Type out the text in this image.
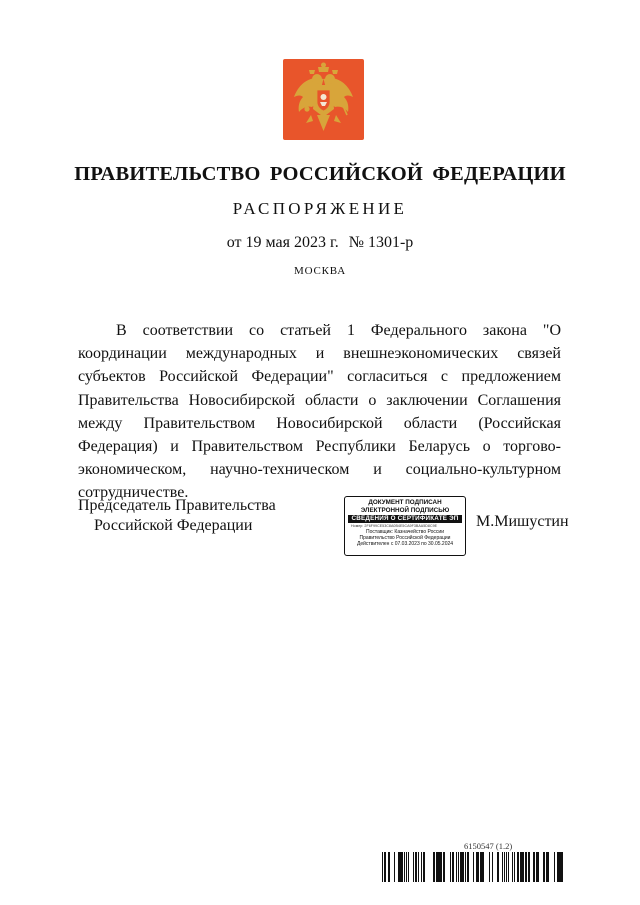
ПРАВИТЕЛЬСТВО РОССИЙСКОЙ ФЕДЕРАЦИИ
РАСПОРЯЖЕНИЕ
от 19 мая 2023 г. № 1301-р
МОСКВА

В соответствии со статьей 1 Федерального закона "О координации международных и внешнеэкономических связей субъектов Российской Федерации" согласиться с предложением Правительства Новосибирской области о заключении Соглашения между Правительством Новосибирской области (Российская Федерация) и Правительством Республики Беларусь о торгово-экономическом, научно-техническом и социально-культурном сотрудничестве.

Председатель Правительства
Российской Федерации
ДОКУМЕНТ ПОДПИСАН
ЭЛЕКТРОННОЙ ПОДПИСЬЮ
СВЕДЕНИЯ О СЕРТИФИКАТЕ ЭП
Номер: 2F6F99CE53C8A0B4E5CA9F3BAA5D8C9E
Поставщик: Казначейство России
Правительство Российской Федерации
Действителен с 07.03.2023 по 30.05.2024
М.Мишустин
6150547 (1.2)
